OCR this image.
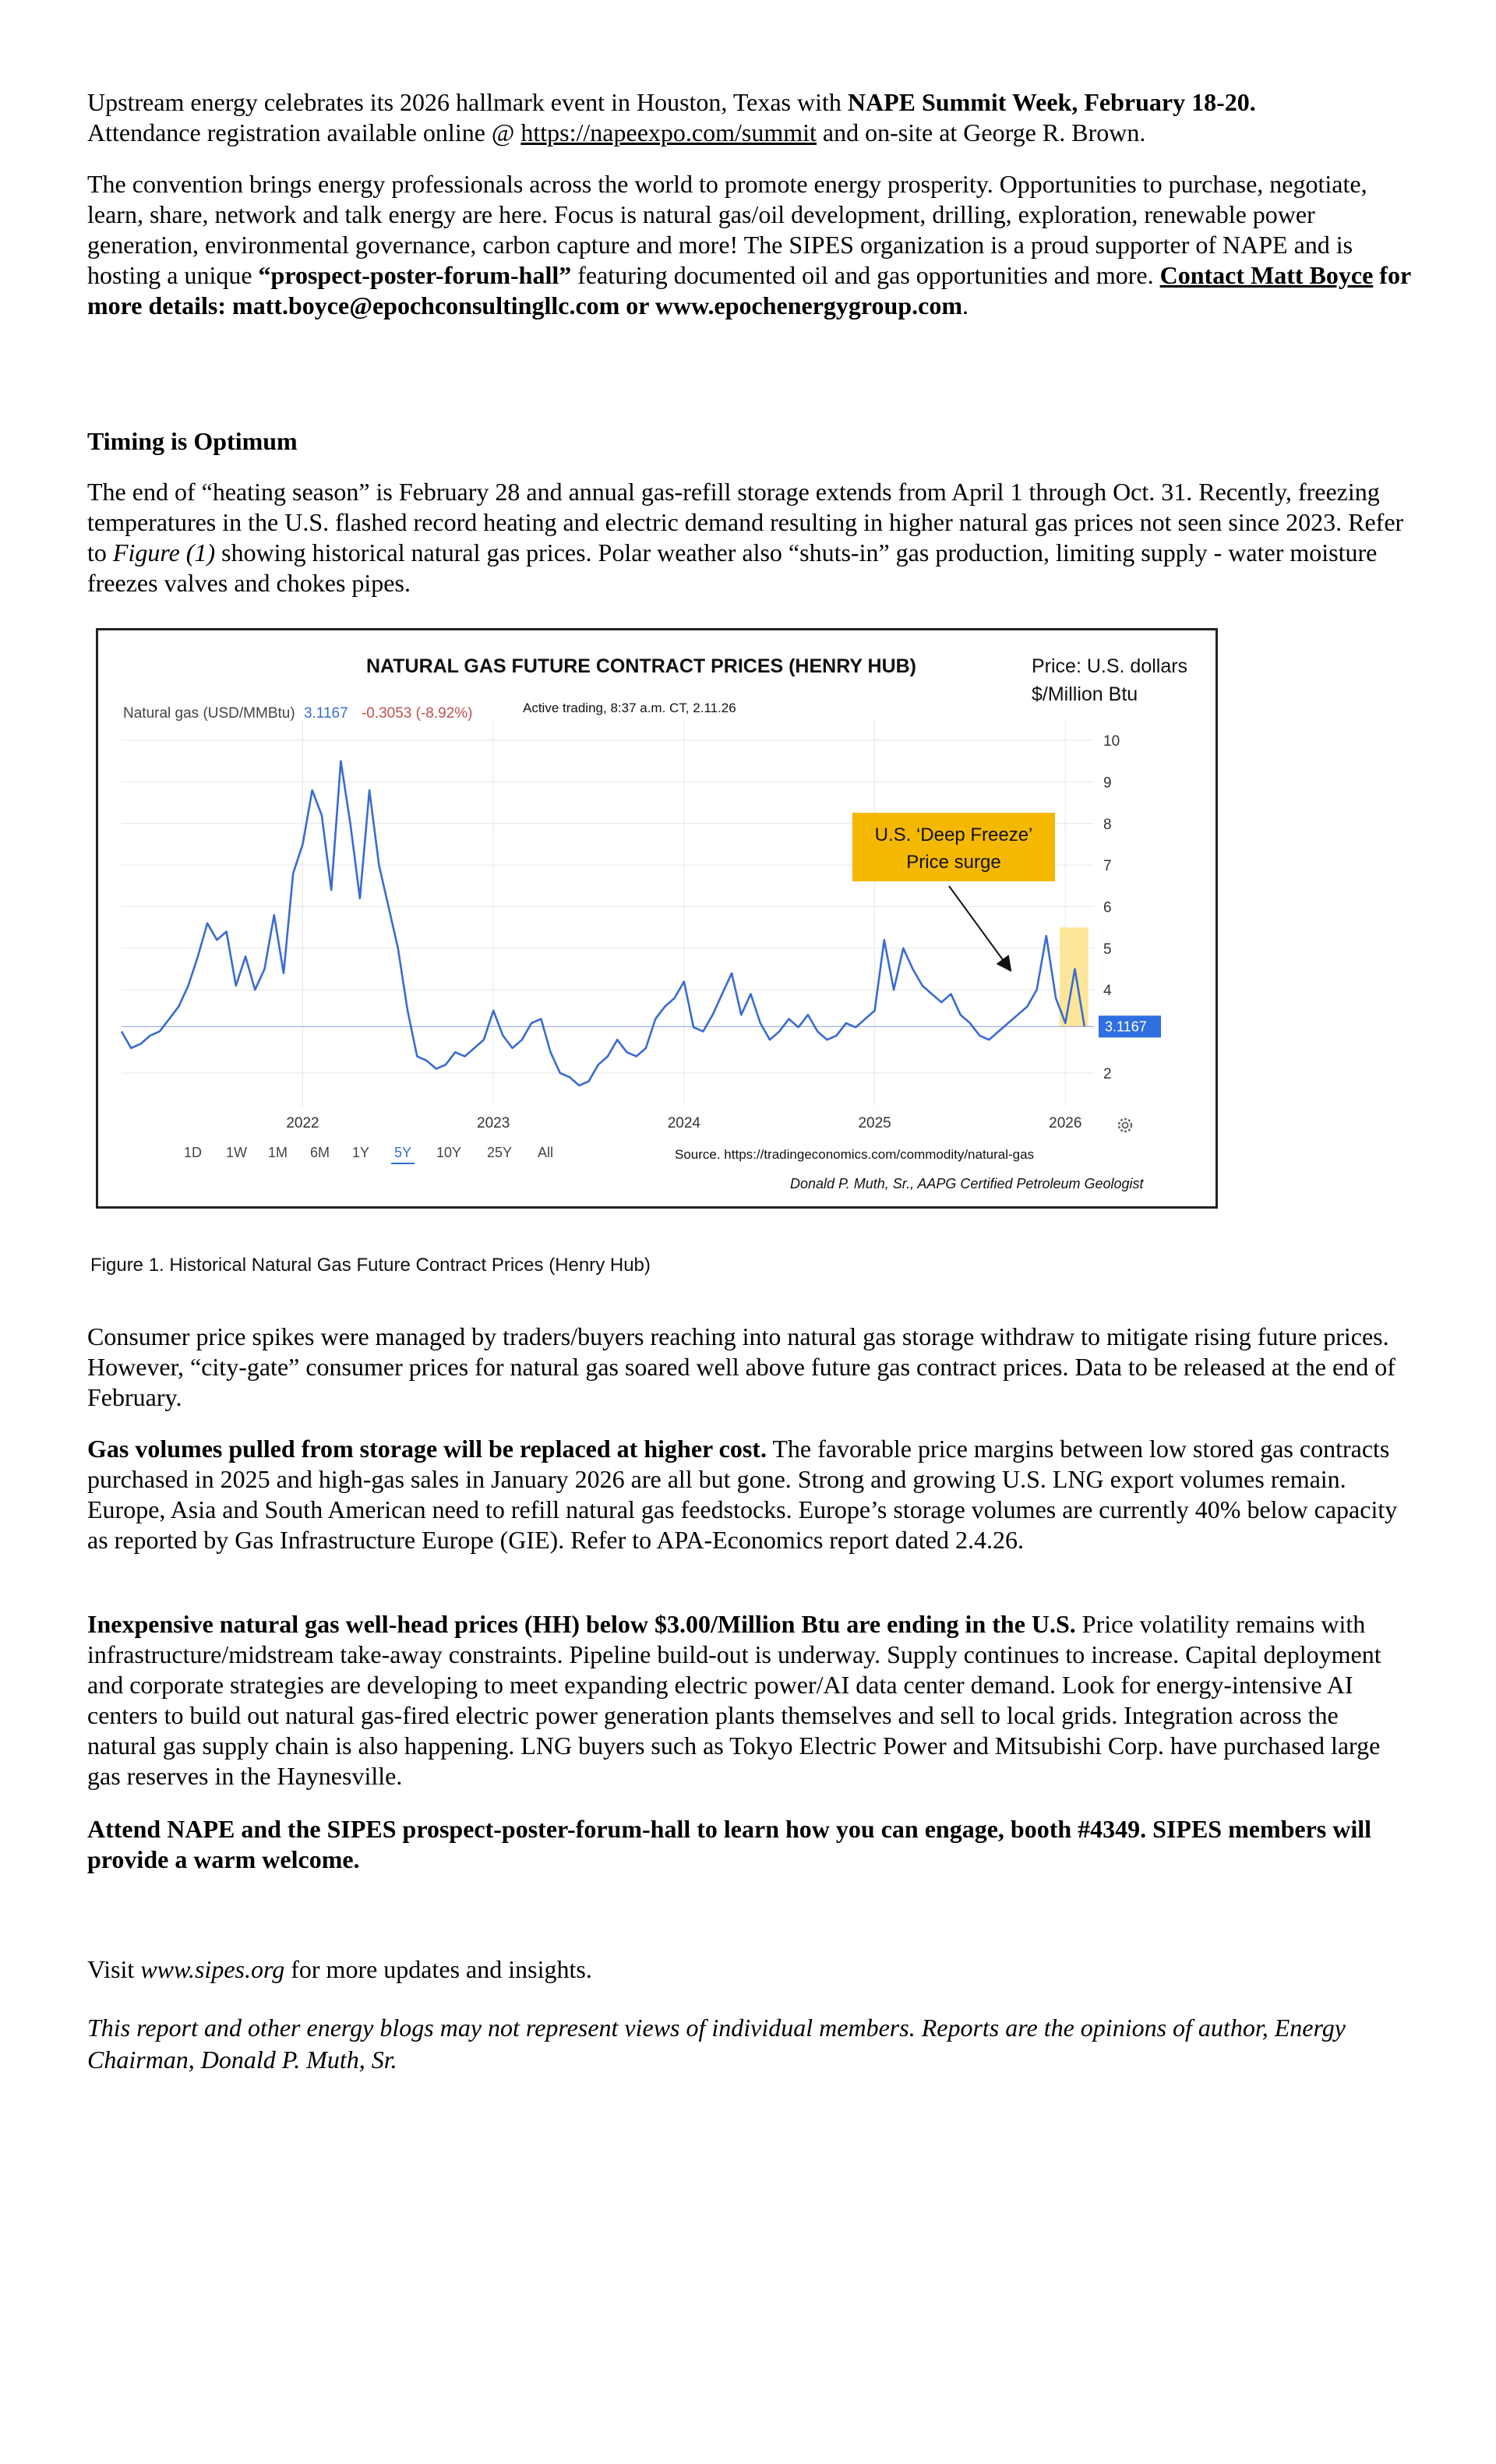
Upstream energy celebrates its 2026 hallmark event in Houston, Texas with NAPE Summit Week, February 18-20.
Attendance registration available online @ https://napeexpo.com/summit and on-site at George R. Brown.
The convention brings energy professionals across the world to promote energy prosperity. Opportunities to purchase, negotiate, learn, share, network and talk energy are here. Focus is natural gas/oil development, drilling, exploration, renewable power generation, environmental governance, carbon capture and more! The SIPES organization is a proud supporter of NAPE and is hosting a unique “prospect-poster-forum-hall” featuring documented oil and gas opportunities and more. Contact Matt Boyce for more details: matt.boyce@epochconsultingllc.com or www.epochenergygroup.com.
Timing is Optimum
The end of “heating season” is February 28 and annual gas-refill storage extends from April 1 through Oct. 31. Recently, freezing temperatures in the U.S. flashed record heating and electric demand resulting in higher natural gas prices not seen since 2023. Refer to Figure (1) showing historical natural gas prices. Polar weather also “shuts-in” gas production, limiting supply - water moisture freezes valves and chokes pipes.
NATURAL GAS FUTURE CONTRACT PRICES (HENRY HUB)	Price: U.S. dollars
$/Million Btu
Natural gas (USD/MMBtu) 3.1167 -0.3053 (-8.92%)	Active trading, 8:37 a.m. CT, 2.11.26
10
9
8
7
6
5
4
2
2022	2023	2024	2025	2026
U.S. ‘Deep Freeze’
Price surge
3.1167
1D 1W 1M 6M 1Y 5Y 10Y 25Y All	Source. https://tradingeconomics.com/commodity/natural-gas
Donald P. Muth, Sr., AAPG Certified Petroleum Geologist
Figure 1. Historical Natural Gas Future Contract Prices (Henry Hub)
Consumer price spikes were managed by traders/buyers reaching into natural gas storage withdraw to mitigate rising future prices. However, “city-gate” consumer prices for natural gas soared well above future gas contract prices. Data to be released at the end of February.
Gas volumes pulled from storage will be replaced at higher cost. The favorable price margins between low stored gas contracts purchased in 2025 and high-gas sales in January 2026 are all but gone. Strong and growing U.S. LNG export volumes remain. Europe, Asia and South American need to refill natural gas feedstocks. Europe’s storage volumes are currently 40% below capacity as reported by Gas Infrastructure Europe (GIE). Refer to APA-Economics report dated 2.4.26.
Inexpensive natural gas well-head prices (HH) below $3.00/Million Btu are ending in the U.S. Price volatility remains with infrastructure/midstream take-away constraints. Pipeline build-out is underway. Supply continues to increase. Capital deployment and corporate strategies are developing to meet expanding electric power/AI data center demand. Look for energy-intensive AI centers to build out natural gas-fired electric power generation plants themselves and sell to local grids. Integration across the natural gas supply chain is also happening. LNG buyers such as Tokyo Electric Power and Mitsubishi Corp. have purchased large gas reserves in the Haynesville.
Attend NAPE and the SIPES prospect-poster-forum-hall to learn how you can engage, booth #4349. SIPES members will provide a warm welcome.
Visit www.sipes.org for more updates and insights.
This report and other energy blogs may not represent views of individual members. Reports are the opinions of author, Energy Chairman, Donald P. Muth, Sr.
